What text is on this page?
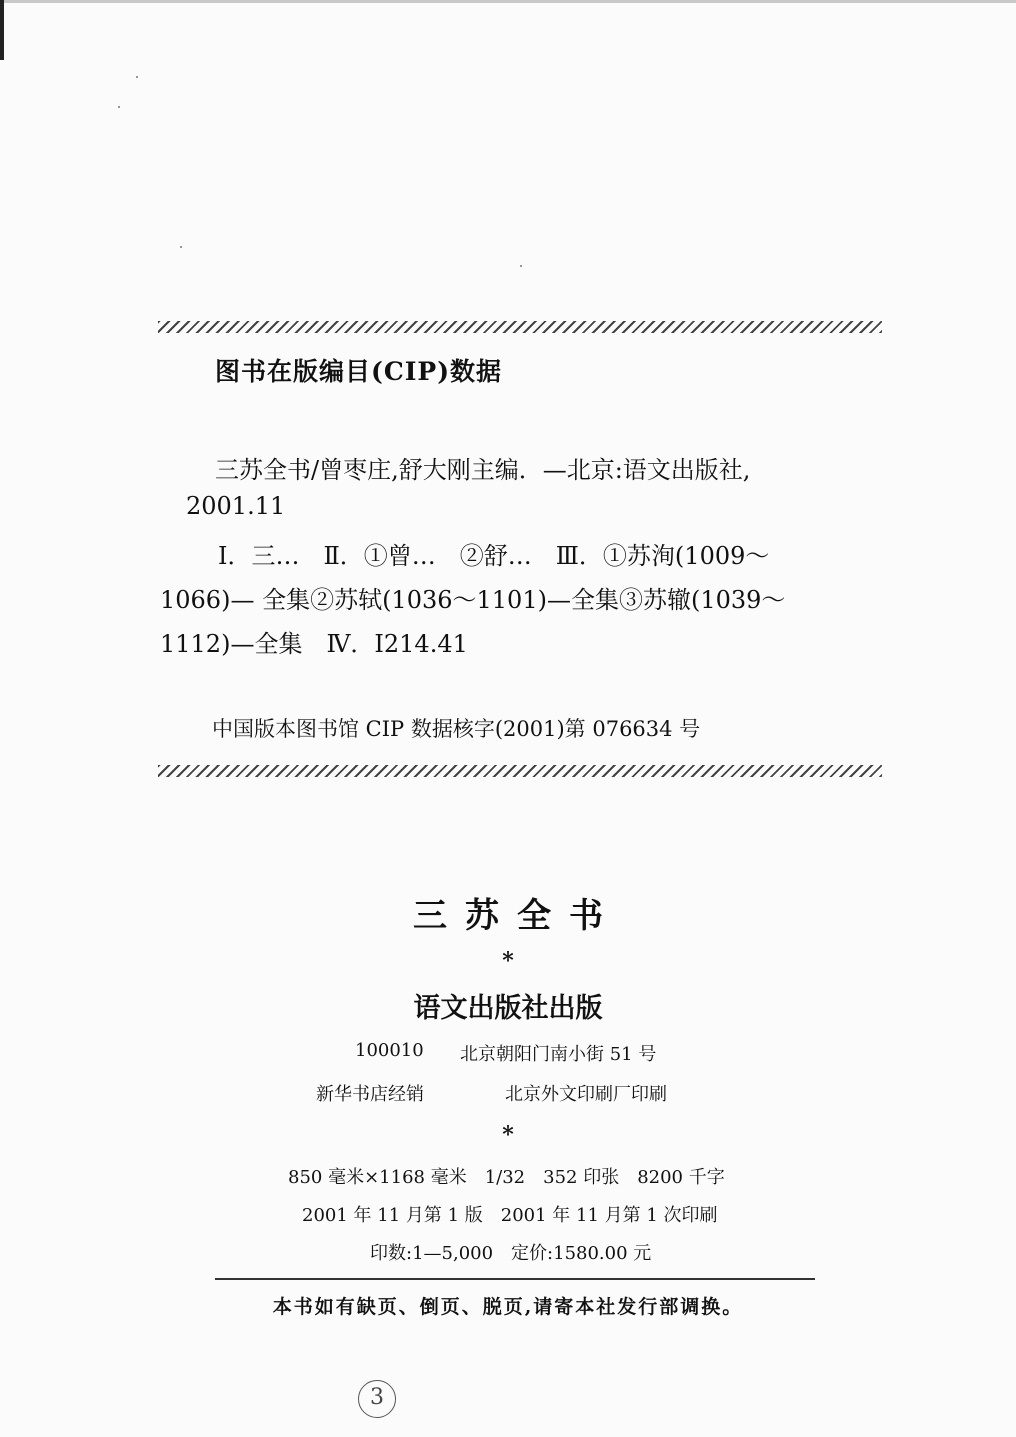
图书在版编目(CIP)数据
三苏全书/曾枣庄,舒大刚主编．—北京:语文出版社,
2001.11
Ⅰ．三…　Ⅱ．①曾…　②舒…　Ⅲ．①苏洵(1009～
1066)— 全集②苏轼(1036～1101)—全集③苏辙(1039～
1112)—全集　Ⅳ．I214.41
中国版本图书馆 CIP 数据核字(2001)第 076634 号
三苏全书
*
语文出版社出版
100010 北京朝阳门南小街 51 号
新华书店经销	北京外文印刷厂印刷
*
850 毫米×1168 毫米　1/32　352 印张　8200 千字
2001 年 11 月第 1 版　2001 年 11 月第 1 次印刷
印数:1—5,000　定价:1580.00 元
本书如有缺页、倒页、脱页,请寄本社发行部调换。
3
